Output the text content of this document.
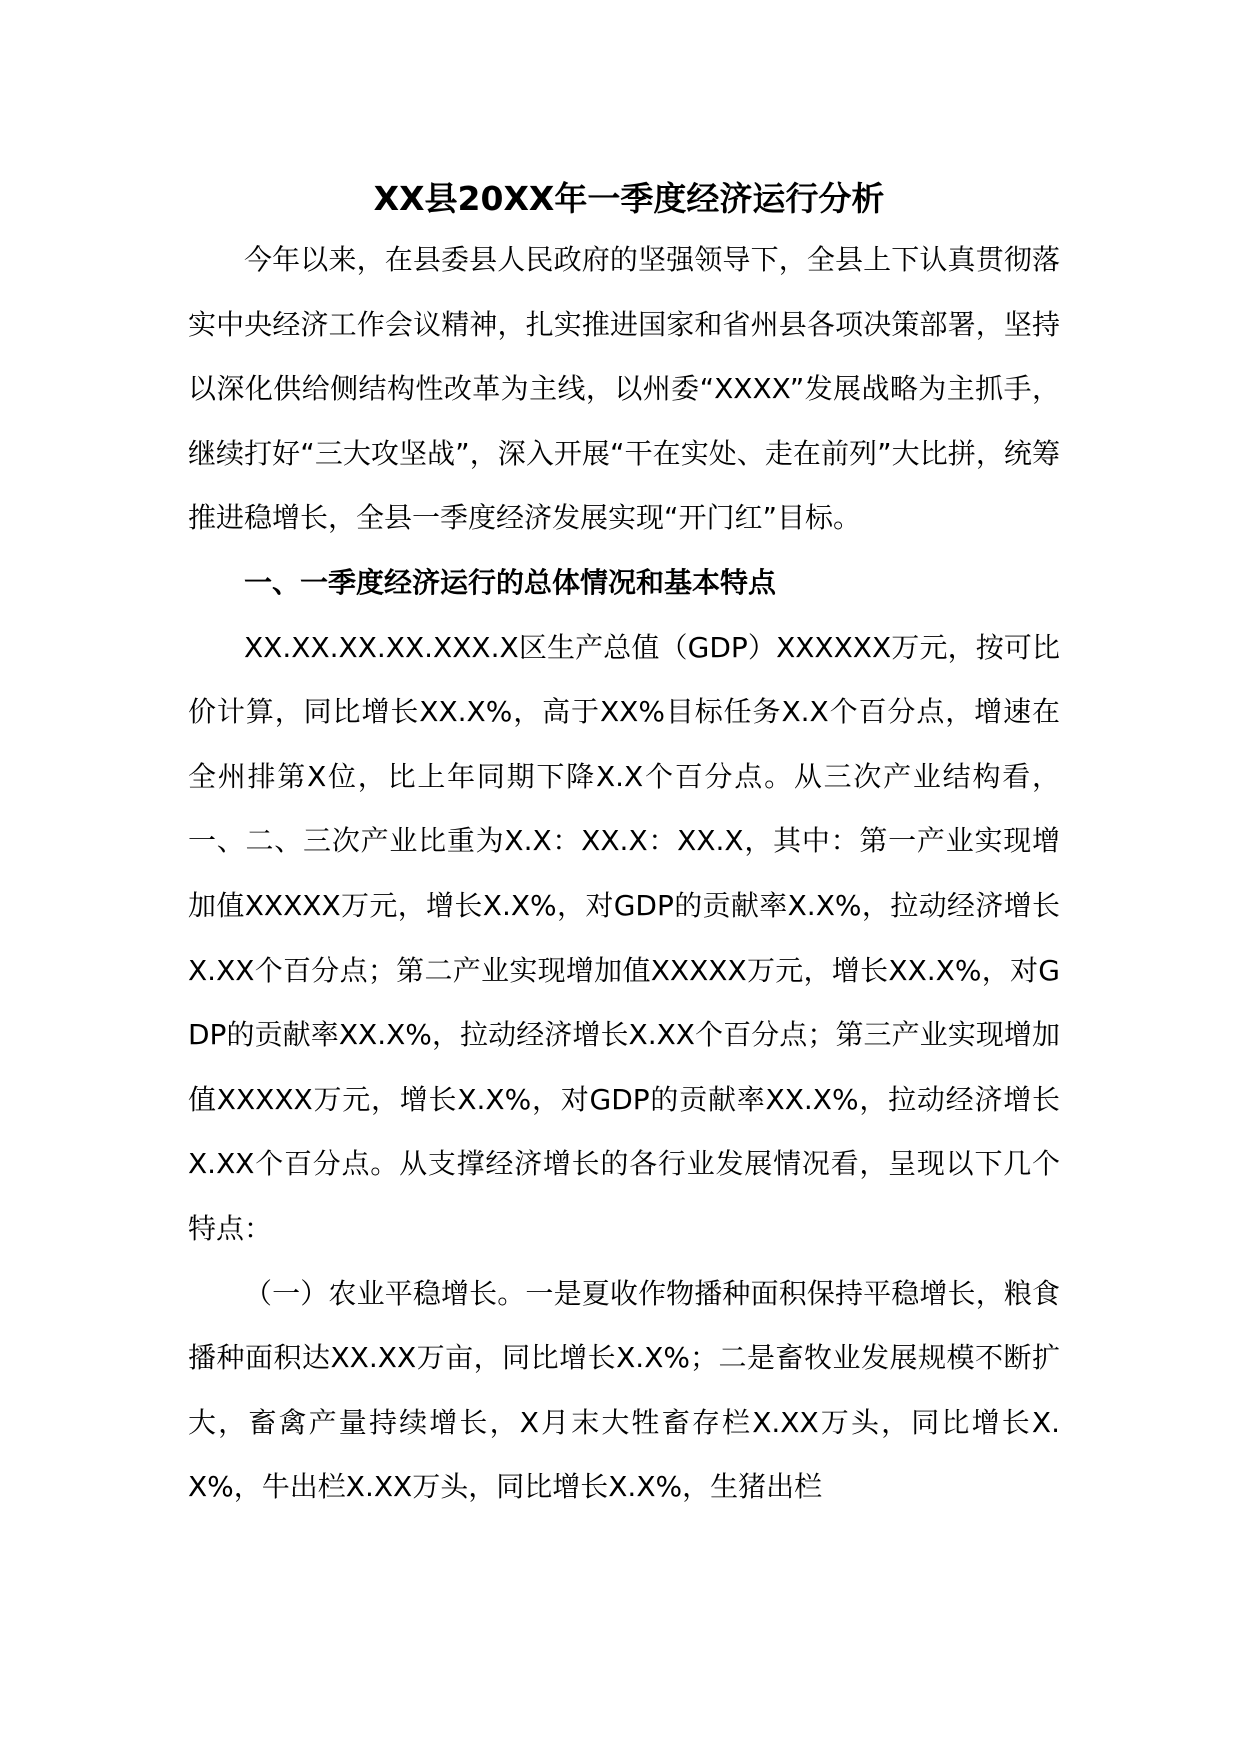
XX县20XX年一季度经济运行分析

今年以来，在县委县人民政府的坚强领导下，全县上下认真贯彻落实中央经济工作会议精神，扎实推进国家和省州县各项决策部署，坚持以深化供给侧结构性改革为主线，以州委“XXXX”发展战略为主抓手，继续打好“三大攻坚战”，深入开展“干在实处、走在前列”大比拼，统筹推进稳增长，全县一季度经济发展实现“开门红”目标。

一、一季度经济运行的总体情况和基本特点

XX.XX.XX.XX.XXX.X区生产总值（GDP）XXXXXX万元，按可比价计算，同比增长XX.X%，高于XX%目标任务X.X个百分点，增速在全州排第X位，比上年同期下降X.X个百分点。从三次产业结构看，一、二、三次产业比重为X.X：XX.X：XX.X，其中：第一产业实现增加值XXXXX万元，增长X.X%，对GDP的贡献率X.X%，拉动经济增长X.XX个百分点；第二产业实现增加值XXXXX万元，增长XX.X%，对GDP的贡献率XX.X%，拉动经济增长X.XX个百分点；第三产业实现增加值XXXXX万元，增长X.X%，对GDP的贡献率XX.X%，拉动经济增长X.XX个百分点。从支撑经济增长的各行业发展情况看，呈现以下几个特点：

（一）农业平稳增长。一是夏收作物播种面积保持平稳增长，粮食播种面积达XX.XX万亩，同比增长X.X%；二是畜牧业发展规模不断扩大，畜禽产量持续增长，X月末大牲畜存栏X.XX万头，同比增长X.X%，牛出栏X.XX万头，同比增长X.X%，生猪出栏
